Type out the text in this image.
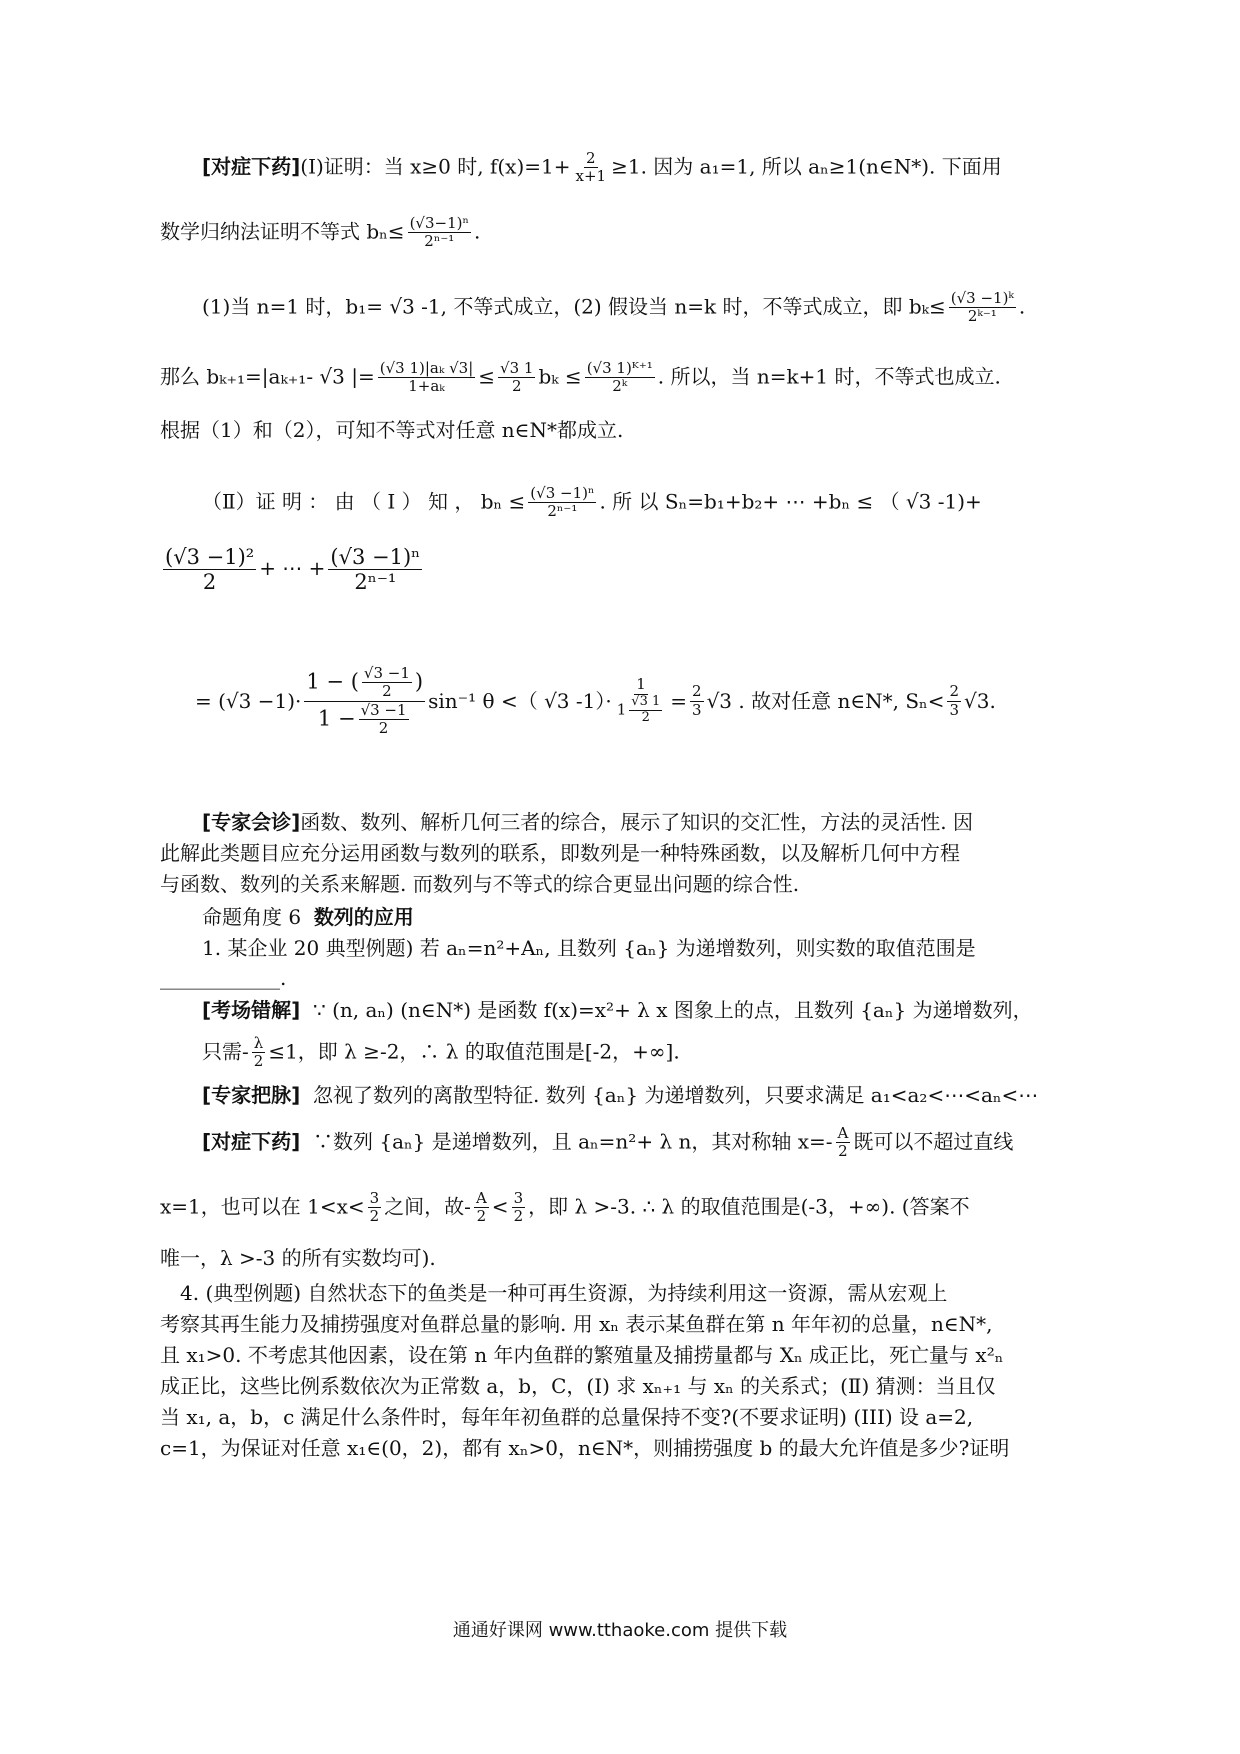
[对症下药](Ⅰ)证明：当 x≥0 时, $f(x)=1+ \frac{2}{x+1} \ge 1$. 因为 a₁=1, 所以 aₙ≥1(n∈N*). 下面用
数学归纳法证明不等式 $b_n\le \frac{\text{(√3−1)ⁿ}}{\text{2ⁿ⁻¹}}$ .
(1)当 n=1 时，b₁= √3 -1, 不等式成立，(2) 假设当 n=k 时，不等式成立，即 $b_k\le \frac{\text{(√3 −1)ᵏ}}{\text{2ᵏ⁻¹}}$ .
那么 bₖ₊₁=|aₖ₊₁- √3 |= $\frac{\text{(√3 1)|aₖ √3|}}{\text{1+aₖ}} \le \frac{√3 1}{2}$ $b_k \le \frac{\text{(√3 1)ᴷ⁺¹}}{\text{2ᵏ}}$ . 所以，当 n=k+1 时，不等式也成立.
根据（1）和（2），可知不等式对任意 n∈N*都成立.
（Ⅱ）证 明 ： 由 （ Ⅰ ） 知 ， $b_n \le \frac{\text{(√3 −1)ⁿ}}{\text{2ⁿ⁻¹}}$ . 所 以 Sₙ=b₁+b₂+ ⋯ +bₙ ≤ （ √3 -1)+
$\frac{\text{(√3 −1)²}}{2}$ + ⋯ + $\frac{\text{(√3 −1)ⁿ}}{\text{2ⁿ⁻¹}}$
= $(√3 -1)\cdot \frac{1 - ( \frac{√3 -1}{2} )}{1 - \frac{√3 -1}{2}} \sin^{-1}$ θ <（ √3 $-1)\cdot \frac{1}{1 \frac{√3 1}{2}} = \frac{2}{3} √3$ . 故对任意 n∈N*, $S_n< \frac{2}{3} √3$.
[专家会诊]函数、数列、解析几何三者的综合，展示了知识的交汇性，方法的灵活性. 因
此解此类题目应充分运用函数与数列的联系，即数列是一种特殊函数，以及解析几何中方程
与函数、数列的关系来解题. 而数列与不等式的综合更显出问题的综合性.
命题角度 6 数列的应用
1. 某企业 20 典型例题) 若 aₙ=n²+Aₙ, 且数列 {aₙ} 为递增数列，则实数的取值范围是
____________.
[考场错解] ∵ (n, aₙ) (n∈N*) 是函数 f(x)=x²+ λ x 图象上的点，且数列 {aₙ} 为递增数列，
只需- $\frac{\lambda}{2} \le 1$，即 λ ≥-2，∴ λ 的取值范围是[-2，+∞].
[专家把脉] 忽视了数列的离散型特征. 数列 {aₙ} 为递增数列，只要求满足 a₁<a₂<⋯<aₙ<⋯
[对症下药] ∵数列 {aₙ} 是递增数列，且 aₙ=n²+ λ n，其对称轴 $x=- \frac{A}{2}$ 既可以不超过直线
x=1，也可以在 $1<x< \frac{3}{2}$ 之间，故- $\frac{A}{2} < \frac{3}{2}$ ，即 λ >-3. ∴ λ 的取值范围是(-3，+∞). (答案不
唯一，λ >-3 的所有实数均可).
4. (典型例题) 自然状态下的鱼类是一种可再生资源，为持续利用这一资源，需从宏观上
考察其再生能力及捕捞强度对鱼群总量的影响. 用 xₙ 表示某鱼群在第 n 年年初的总量，n∈N*,
且 x₁>0. 不考虑其他因素，设在第 n 年内鱼群的繁殖量及捕捞量都与 Xₙ 成正比，死亡量与 x²ₙ
成正比，这些比例系数依次为正常数 a，b，C，(Ⅰ) 求 xₙ₊₁ 与 xₙ 的关系式；(Ⅱ) 猜测：当且仅
当 x₁, a，b，c 满足什么条件时，每年年初鱼群的总量保持不变?(不要求证明) (III) 设 a=2,
c=1，为保证对任意 x₁∈(0，2)，都有 xₙ>0，n∈N*，则捕捞强度 b 的最大允许值是多少?证明
通通好课网 www.tthaoke.com 提供下载
